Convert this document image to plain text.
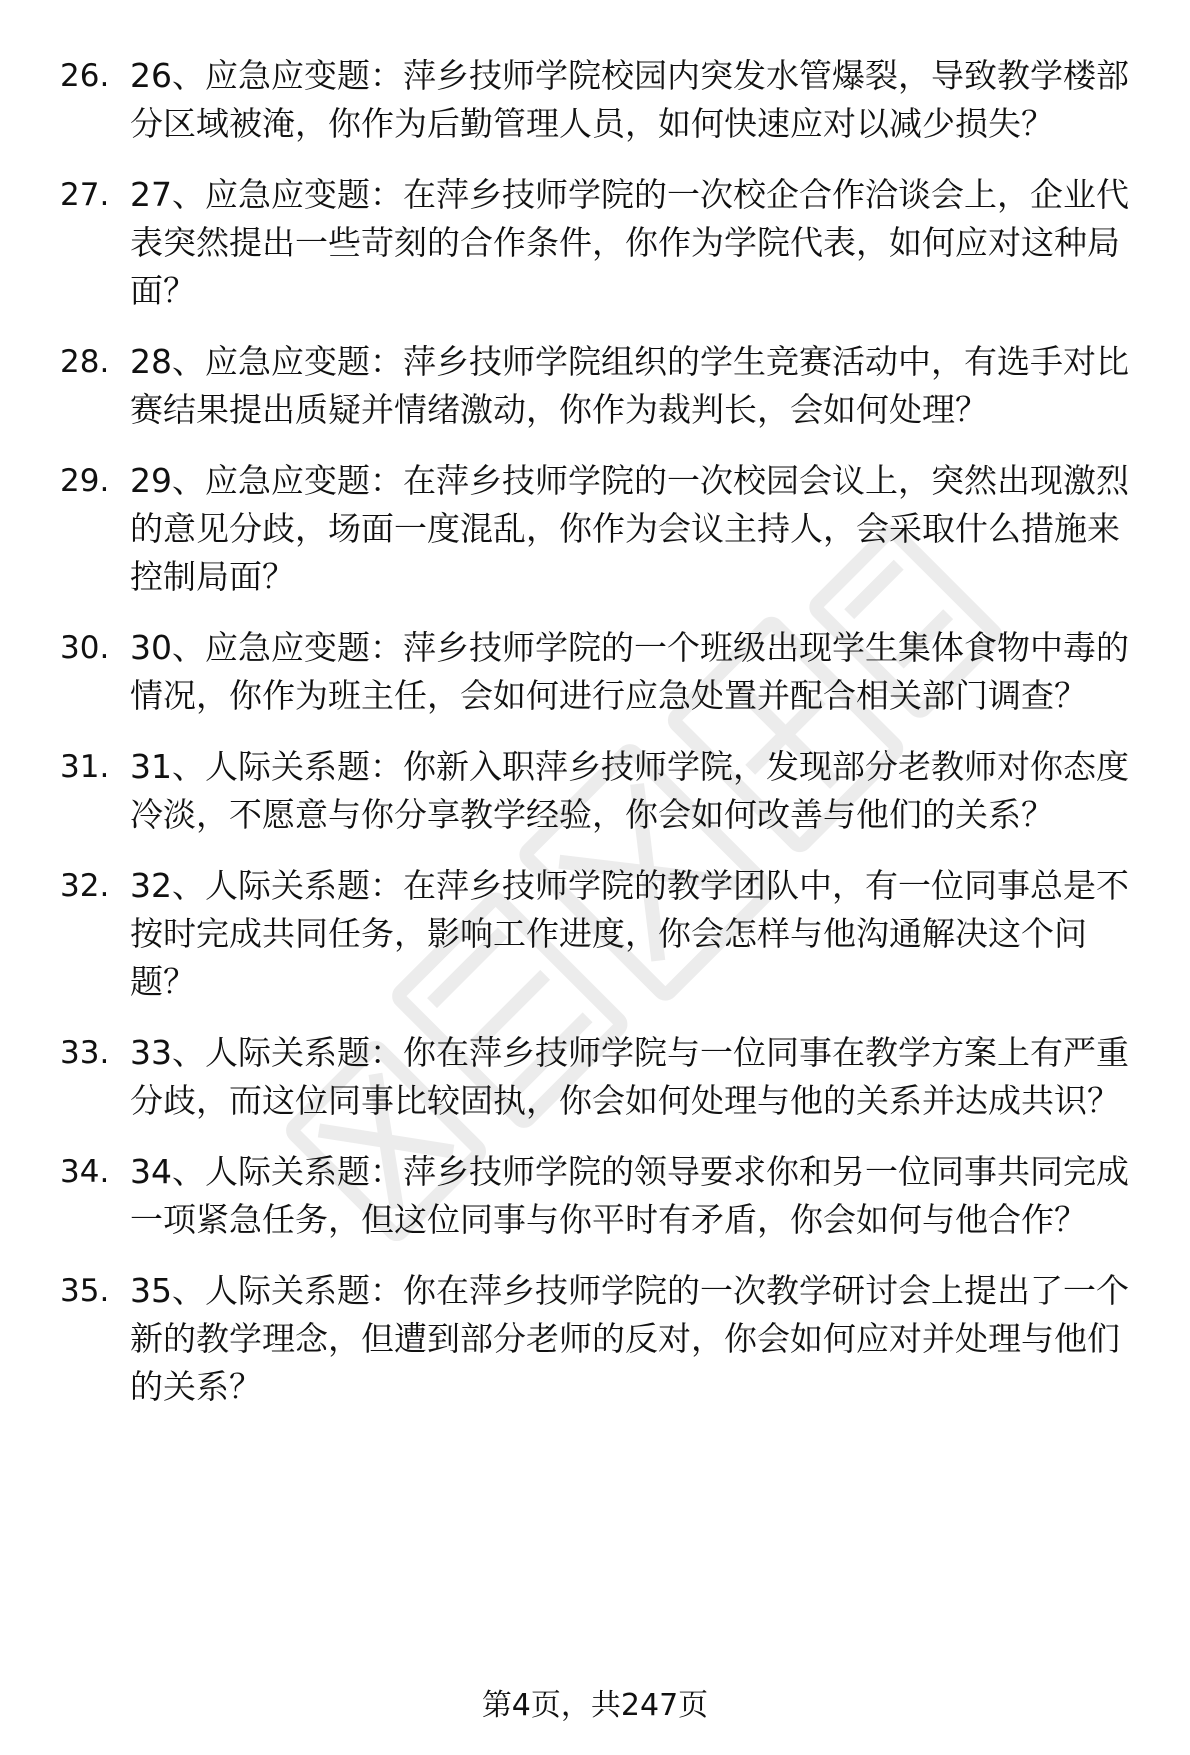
26. 26、应急应变题：萍乡技师学院校园内突发水管爆裂，导致教学楼部分区域被淹，你作为后勤管理人员，如何快速应对以减少损失？
27. 27、应急应变题：在萍乡技师学院的一次校企合作洽谈会上，企业代表突然提出一些苛刻的合作条件，你作为学院代表，如何应对这种局面？
28. 28、应急应变题：萍乡技师学院组织的学生竞赛活动中，有选手对比赛结果提出质疑并情绪激动，你作为裁判长，会如何处理？
29. 29、应急应变题：在萍乡技师学院的一次校园会议上，突然出现激烈的意见分歧，场面一度混乱，你作为会议主持人，会采取什么措施来控制局面？
30. 30、应急应变题：萍乡技师学院的一个班级出现学生集体食物中毒的情况，你作为班主任，会如何进行应急处置并配合相关部门调查？
31. 31、人际关系题：你新入职萍乡技师学院，发现部分老教师对你态度冷淡，不愿意与你分享教学经验，你会如何改善与他们的关系？
32. 32、人际关系题：在萍乡技师学院的教学团队中，有一位同事总是不按时完成共同任务，影响工作进度，你会怎样与他沟通解决这个问题？
33. 33、人际关系题：你在萍乡技师学院与一位同事在教学方案上有严重分歧，而这位同事比较固执，你会如何处理与他的关系并达成共识？
34. 34、人际关系题：萍乡技师学院的领导要求你和另一位同事共同完成一项紧急任务，但这位同事与你平时有矛盾，你会如何与他合作？
35. 35、人际关系题：你在萍乡技师学院的一次教学研讨会上提出了一个新的教学理念，但遭到部分老师的反对，你会如何应对并处理与他们的关系？
第4页，共247页
